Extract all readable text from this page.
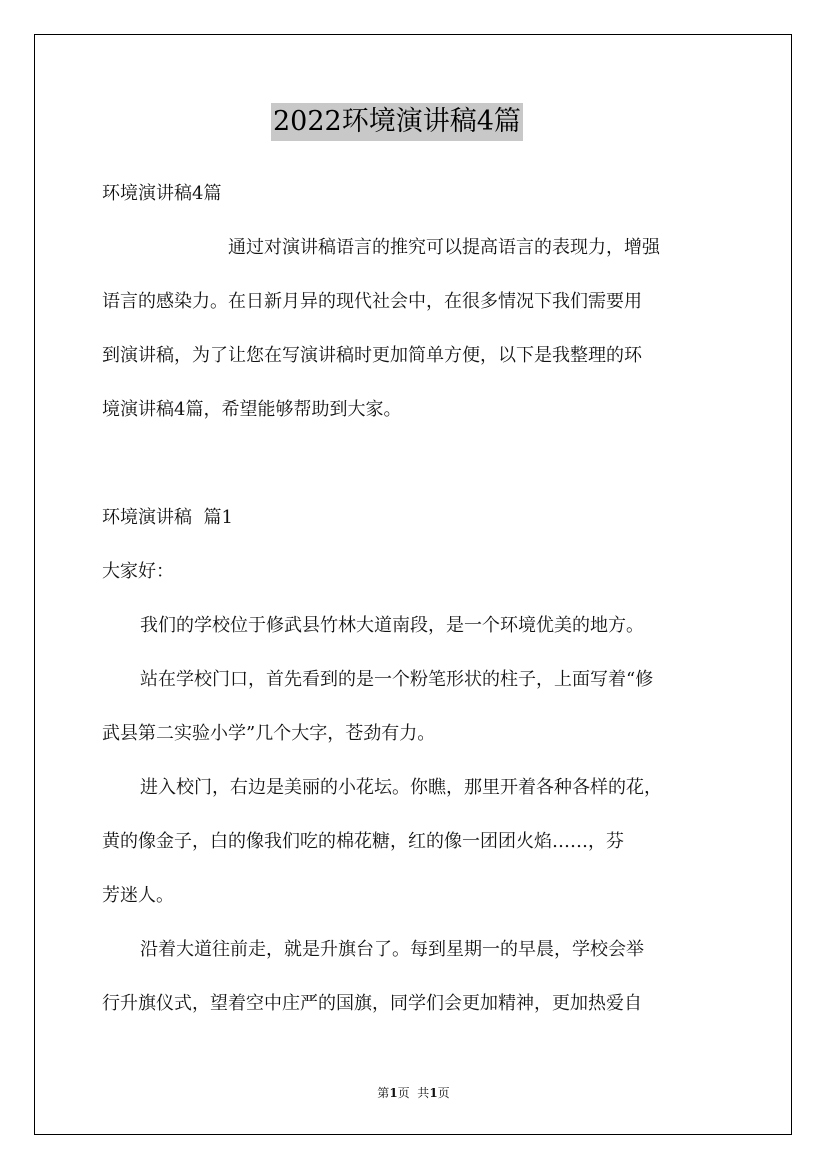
2022环境演讲稿4篇
环境演讲稿4篇
通过对演讲稿语言的推究可以提高语言的表现力，增强
语言的感染力。在日新月异的现代社会中，在很多情况下我们需要用
到演讲稿，为了让您在写演讲稿时更加简单方便，以下是我整理的环
境演讲稿4篇，希望能够帮助到大家。
环境演讲稿  篇1
大家好：
我们的学校位于修武县竹林大道南段，是一个环境优美的地方。
站在学校门口，首先看到的是一个粉笔形状的柱子，上面写着“修
武县第二实验小学”几个大字，苍劲有力。
进入校门，右边是美丽的小花坛。你瞧，那里开着各种各样的花，
黄的像金子，白的像我们吃的棉花糖，红的像一团团火焰……，芬
芳迷人。
沿着大道往前走，就是升旗台了。每到星期一的早晨，学校会举
行升旗仪式，望着空中庄严的国旗，同学们会更加精神，更加热爱自
第1页  共1页
